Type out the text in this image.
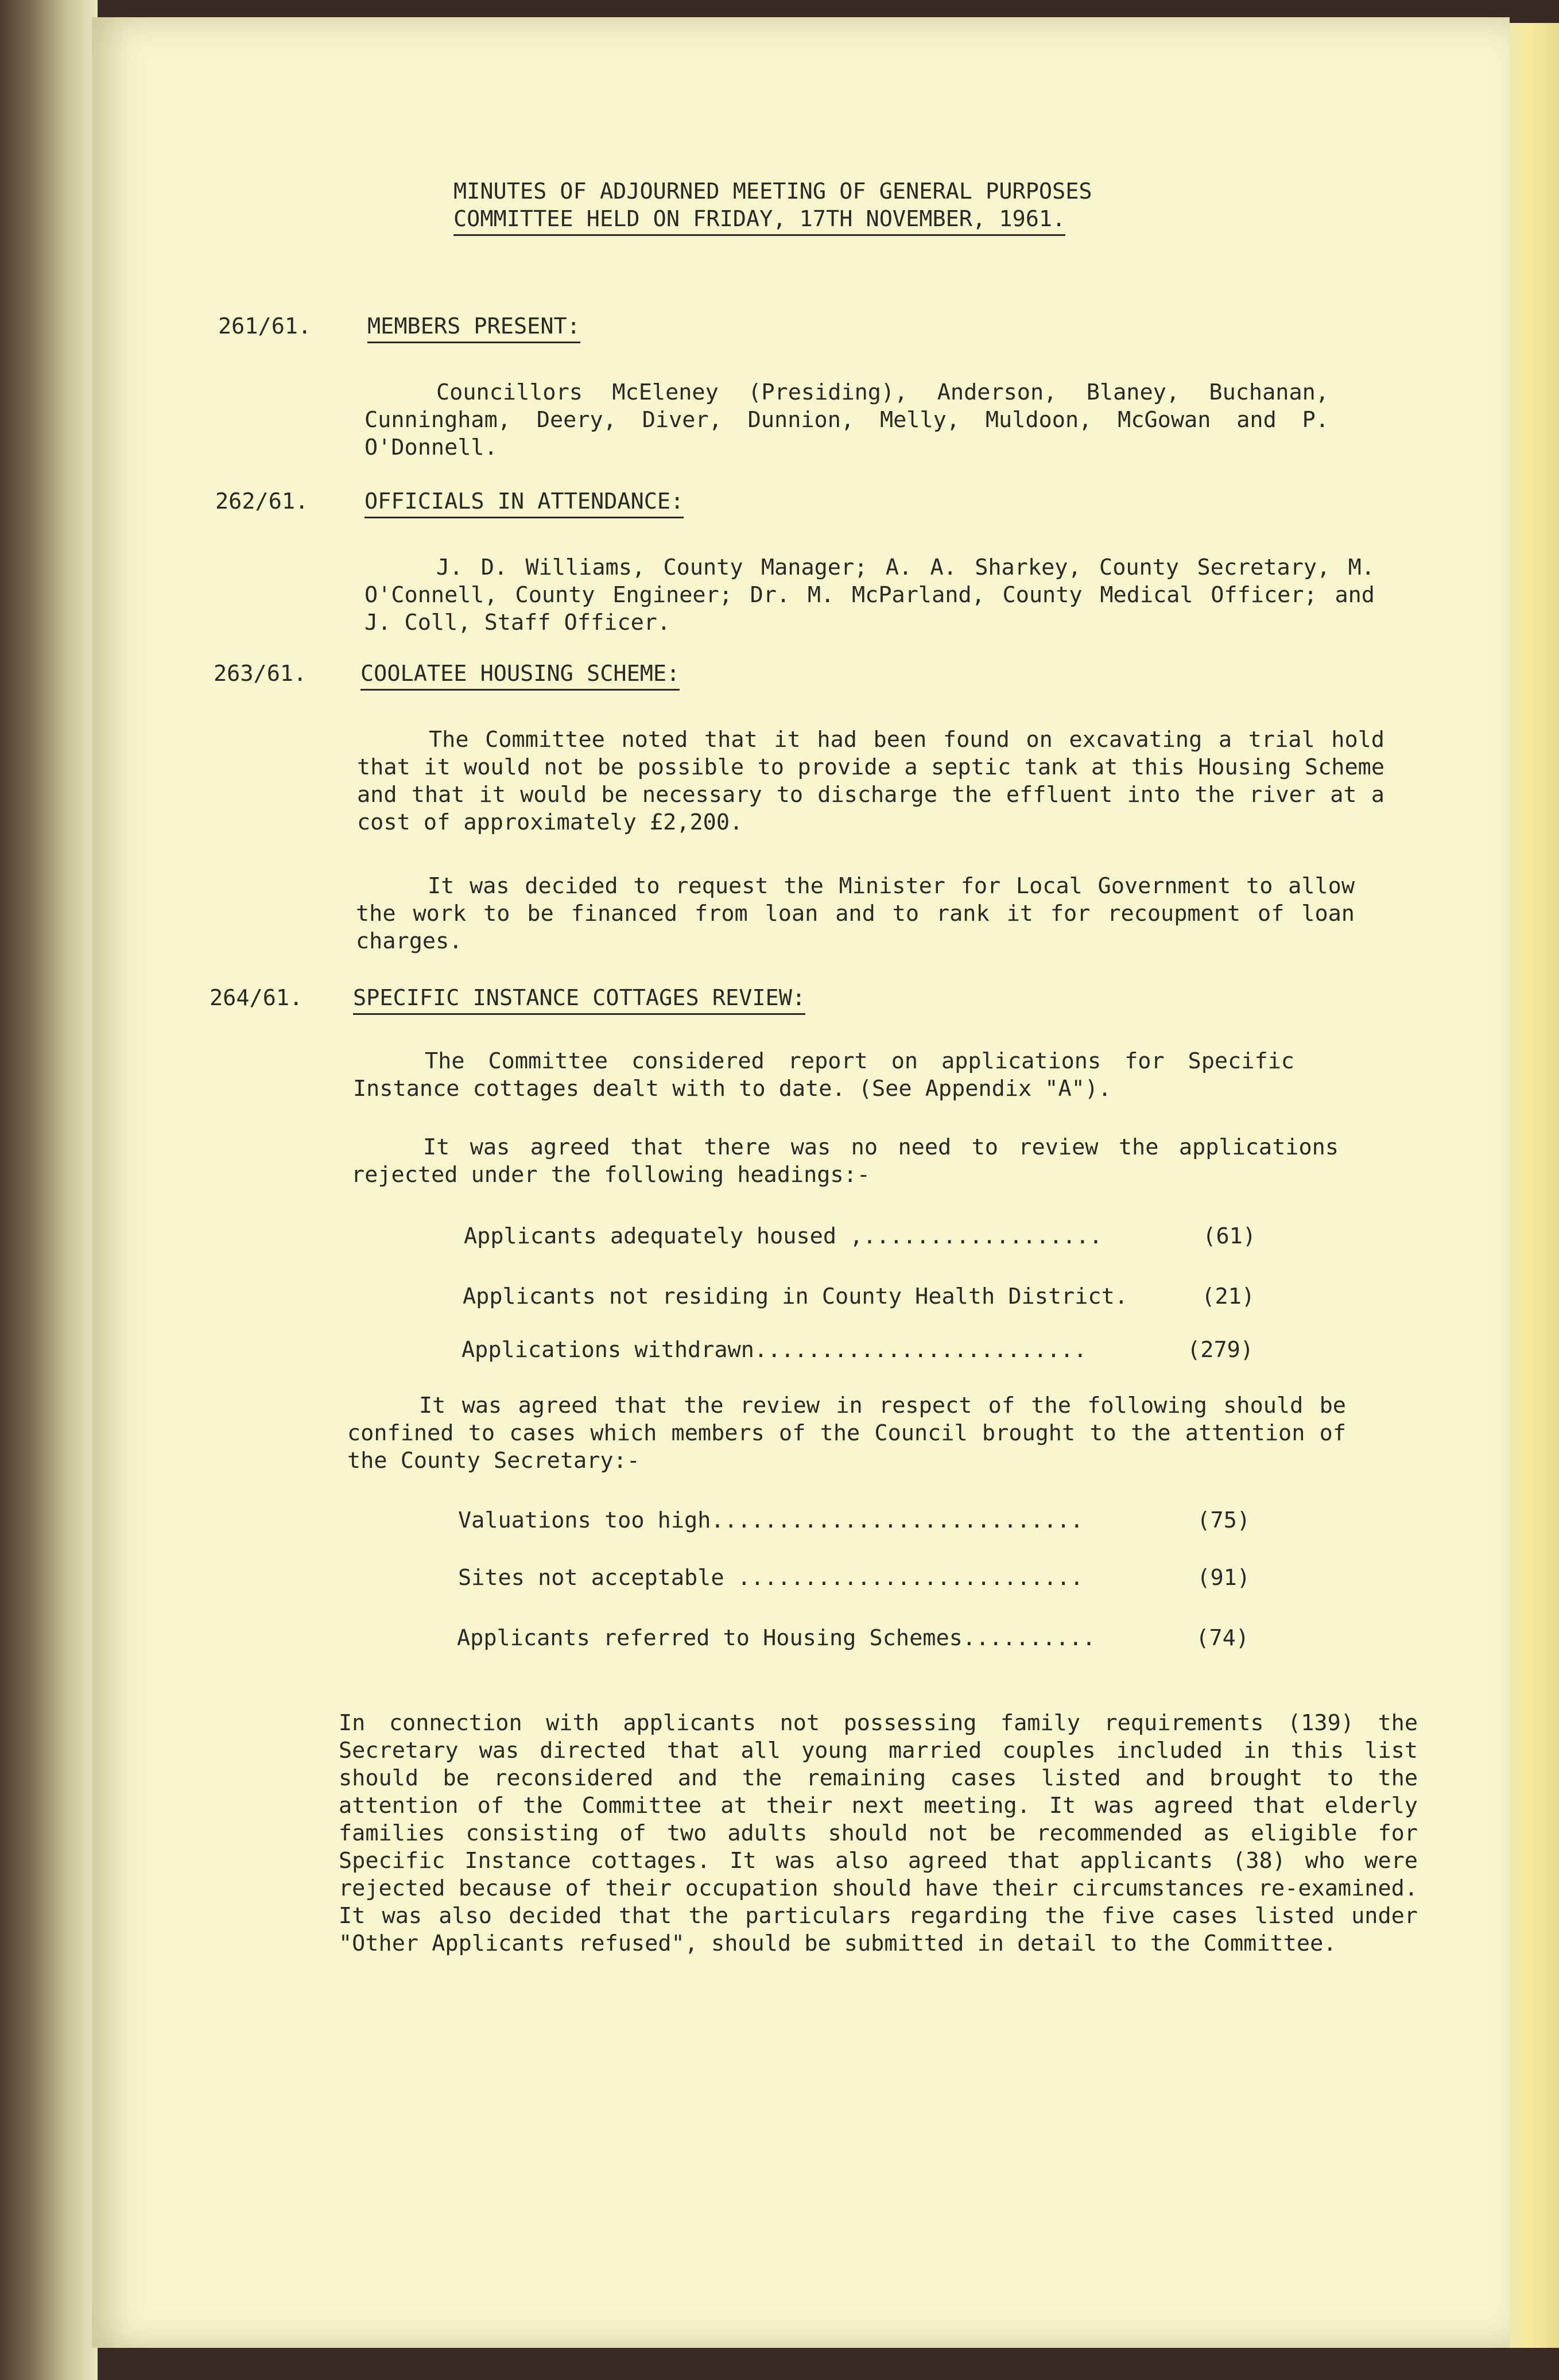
MINUTES OF ADJOURNED MEETING OF GENERAL PURPOSES
COMMITTEE HELD ON FRIDAY, 17TH NOVEMBER, 1961.
261/61.	MEMBERS PRESENT:
Councillors McEleney (Presiding), Anderson, Blaney, Buchanan, Cunningham, Deery, Diver, Dunnion, Melly, Muldoon, McGowan and P. O'Donnell.
262/61.	OFFICIALS IN ATTENDANCE:
J. D. Williams, County Manager; A. A. Sharkey, County Secretary, M. O'Connell, County Engineer; Dr. M. McParland, County Medical Officer; and J. Coll, Staff Officer.
263/61. COOLATEE HOUSING SCHEME:
The Committee noted that it had been found on excavating a trial hold that it would not be possible to provide a septic tank at this Housing Scheme and that it would be necessary to discharge the effluent into the river at a cost of approximately £2,200.
It was decided to request the Minister for Local Government to allow the work to be financed from loan and to rank it for recoupment of loan charges.
264/61. SPECIFIC INSTANCE COTTAGES REVIEW:
The Committee considered report on applications for Specific Instance cottages dealt with to date. (See Appendix "A").
It was agreed that there was no need to review the applications rejected under the following headings:-
Applicants adequately housed ,..................	(61)
Applicants not residing in County Health District.	(21)
Applications withdrawn.........................	(279)
It was agreed that the review in respect of the following should be confined to cases which members of the Council brought to the attention of the County Secretary:-
Valuations too high............................	(75)
Sites not acceptable ..........................	(91)
Applicants referred to Housing Schemes..........	(74)
In connection with applicants not possessing family requirements (139) the Secretary was directed that all young married couples included in this list should be reconsidered and the remaining cases listed and brought to the attention of the Committee at their next meeting. It was agreed that elderly families consisting of two adults should not be recommended as eligible for Specific Instance cottages. It was also agreed that applicants (38) who were rejected because of their occupation should have their circumstances re-examined. It was also decided that the particulars regarding the five cases listed under "Other Applicants refused", should be submitted in detail to the Committee.
